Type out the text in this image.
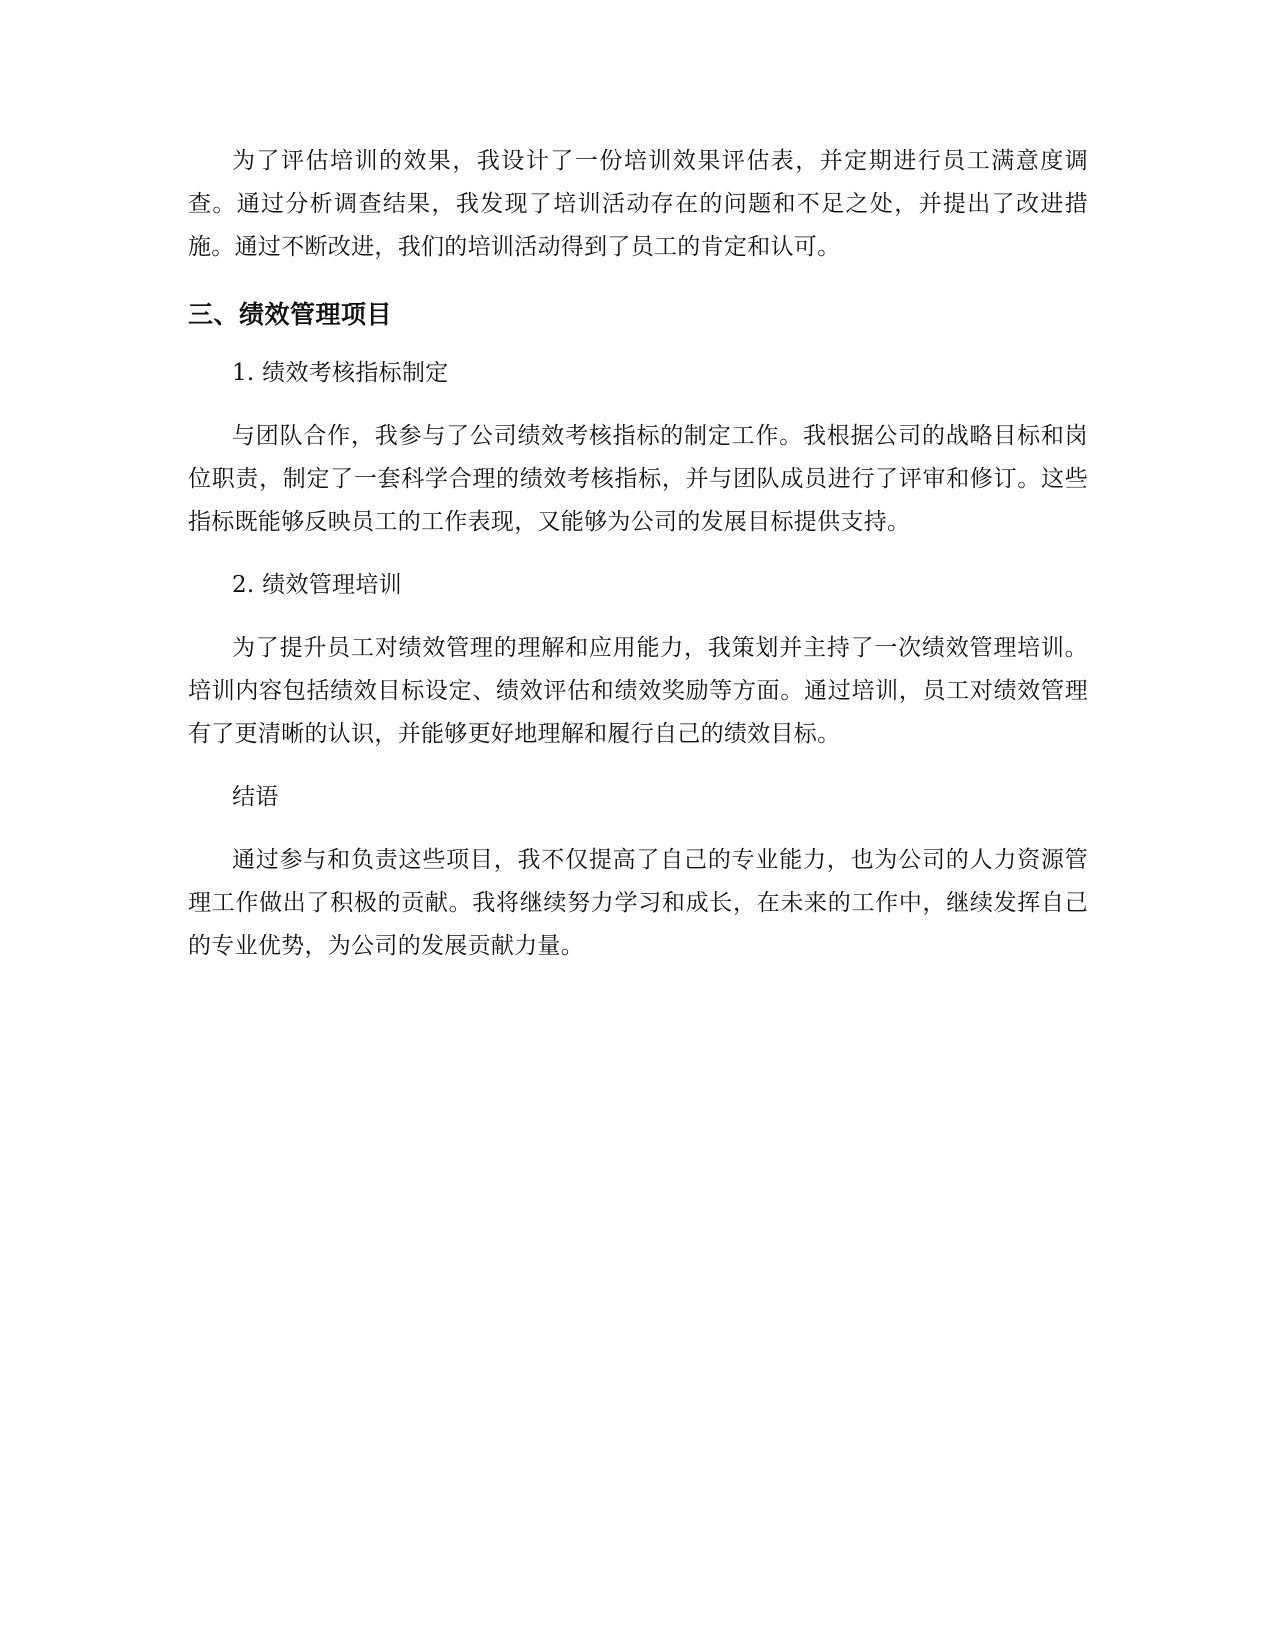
为了评估培训的效果，我设计了一份培训效果评估表，并定期进行员工满意度调查。通过分析调查结果，我发现了培训活动存在的问题和不足之处，并提出了改进措施。通过不断改进，我们的培训活动得到了员工的肯定和认可。

三、绩效管理项目

1. 绩效考核指标制定

与团队合作，我参与了公司绩效考核指标的制定工作。我根据公司的战略目标和岗位职责，制定了一套科学合理的绩效考核指标，并与团队成员进行了评审和修订。这些指标既能够反映员工的工作表现，又能够为公司的发展目标提供支持。

2. 绩效管理培训

为了提升员工对绩效管理的理解和应用能力，我策划并主持了一次绩效管理培训。培训内容包括绩效目标设定、绩效评估和绩效奖励等方面。通过培训，员工对绩效管理有了更清晰的认识，并能够更好地理解和履行自己的绩效目标。

结语

通过参与和负责这些项目，我不仅提高了自己的专业能力，也为公司的人力资源管理工作做出了积极的贡献。我将继续努力学习和成长，在未来的工作中，继续发挥自己的专业优势，为公司的发展贡献力量。
